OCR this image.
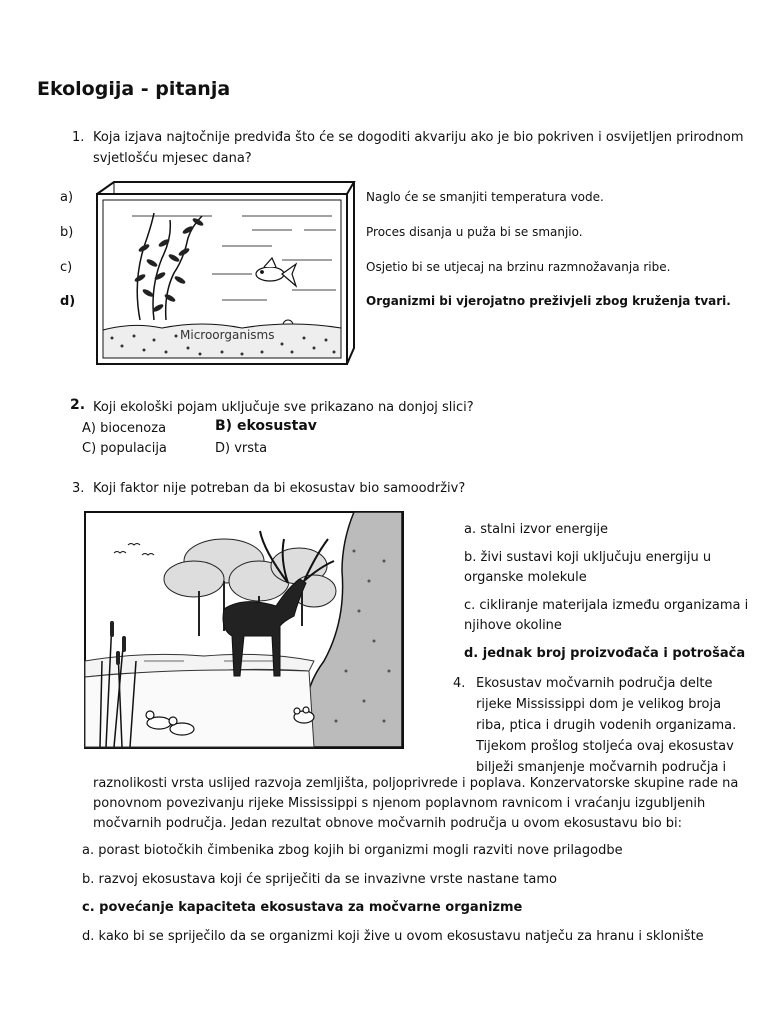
Ekologija - pitanja
1. Koja izjava najtočnije predviđa što će se dogoditi akvariju ako je bio pokriven i osvijetljen prirodnom
svjetlošću mjesec dana?
a)
b)
c)
d)
Naglo će se smanjiti temperatura vode.
Proces disanja u puža bi se smanjio.
Osjetio bi se utjecaj na brzinu razmnožavanja ribe.
Organizmi bi vjerojatno preživjeli zbog kruženja tvari.
Microorganisms
2. Koji ekološki pojam uključuje sve prikazano na donjoj slici?
A) biocenoza	B) ekosustav
C) populacija	D) vrsta
3. Koji faktor nije potreban da bi ekosustav bio samoodrživ?
a. stalni izvor energije
b. živi sustavi koji uključuju energiju u
organske molekule
c. cikliranje materijala između organizama i
njihove okoline
d. jednak broj proizvođača i potrošača
4. Ekosustav močvarnih područja delte
rijeke Mississippi dom je velikog broja
riba, ptica i drugih vodenih organizama.
Tijekom prošlog stoljeća ovaj ekosustav
bilježi smanjenje močvarnih područja i
raznolikosti vrsta uslijed razvoja zemljišta, poljoprivrede i poplava. Konzervatorske skupine rade na
ponovnom povezivanju rijeke Mississippi s njenom poplavnom ravnicom i vraćanju izgubljenih
močvarnih područja. Jedan rezultat obnove močvarnih područja u ovom ekosustavu bio bi:
a. porast biotočkih čimbenika zbog kojih bi organizmi mogli razviti nove prilagodbe
b. razvoj ekosustava koji će spriječiti da se invazivne vrste nastane tamo
c. povećanje kapaciteta ekosustava za močvarne organizme
d. kako bi se spriječilo da se organizmi koji žive u ovom ekosustavu natječu za hranu i sklonište
